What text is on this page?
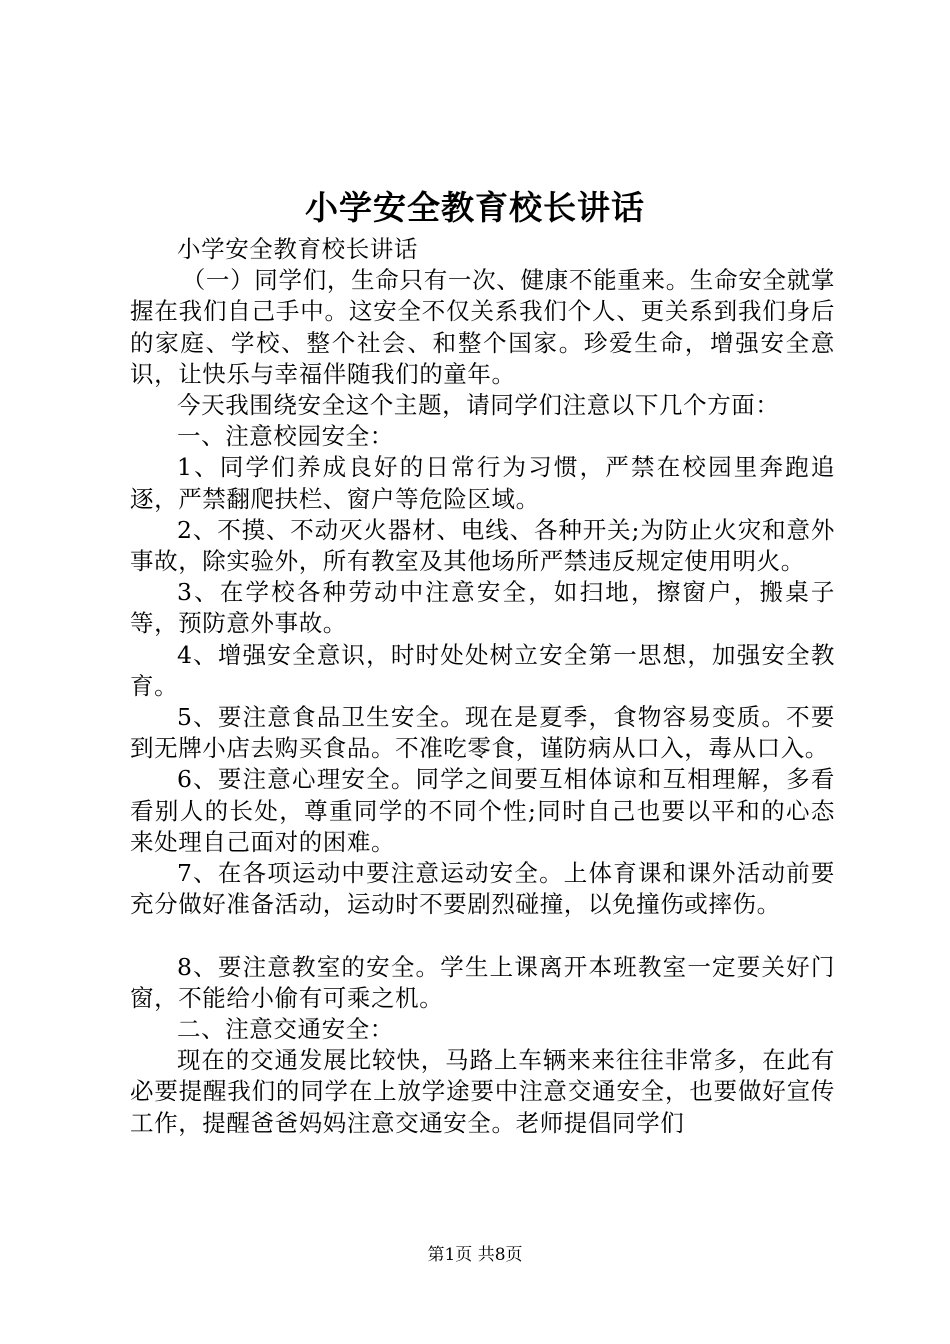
小学安全教育校长讲话

小学安全教育校长讲话

（一）同学们，生命只有一次、健康不能重来。生命安全就掌握在我们自己手中。这安全不仅关系我们个人、更关系到我们身后的家庭、学校、整个社会、和整个国家。珍爱生命，增强安全意识，让快乐与幸福伴随我们的童年。

今天我围绕安全这个主题，请同学们注意以下几个方面：

一、注意校园安全：

1、同学们养成良好的日常行为习惯，严禁在校园里奔跑追逐，严禁翻爬扶栏、窗户等危险区域。

2、不摸、不动灭火器材、电线、各种开关;为防止火灾和意外事故，除实验外，所有教室及其他场所严禁违反规定使用明火。

3、在学校各种劳动中注意安全，如扫地，擦窗户，搬桌子等，预防意外事故。

4、增强安全意识，时时处处树立安全第一思想，加强安全教育。

5、要注意食品卫生安全。现在是夏季，食物容易变质。不要到无牌小店去购买食品。不准吃零食，谨防病从口入，毒从口入。

6、要注意心理安全。同学之间要互相体谅和互相理解，多看看别人的长处，尊重同学的不同个性;同时自己也要以平和的心态来处理自己面对的困难。

7、在各项运动中要注意运动安全。上体育课和课外活动前要充分做好准备活动，运动时不要剧烈碰撞，以免撞伤或摔伤。

8、要注意教室的安全。学生上课离开本班教室一定要关好门窗，不能给小偷有可乘之机。

二、注意交通安全：

现在的交通发展比较快，马路上车辆来来往往非常多，在此有必要提醒我们的同学在上放学途要中注意交通安全，也要做好宣传工作，提醒爸爸妈妈注意交通安全。老师提倡同学们

第1页 共8页
